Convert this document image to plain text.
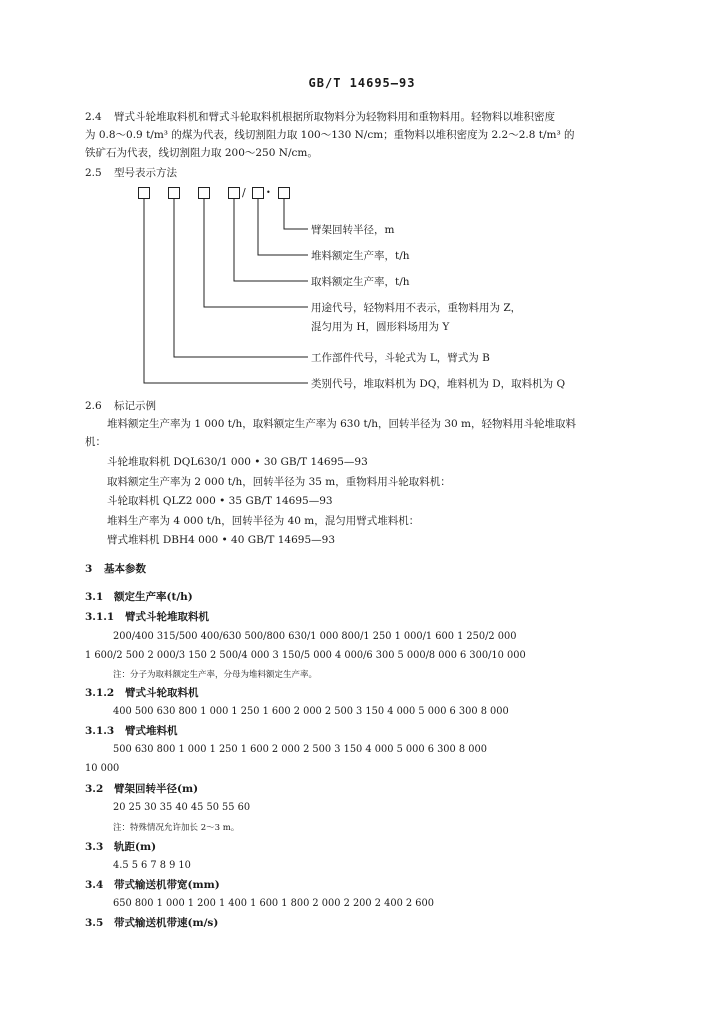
GB/T 14695—93
2.4 臂式斗轮堆取料机和臂式斗轮取料机根据所取物料分为轻物料用和重物料用。轻物料以堆积密度
为 0.8～0.9 t/m³ 的煤为代表，线切割阻力取 100～130 N/cm；重物料以堆积密度为 2.2～2.8 t/m³ 的
铁矿石为代表，线切割阻力取 200～250 N/cm。
2.5 型号表示方法
/	•
臂架回转半径，m
堆料额定生产率，t/h
取料额定生产率，t/h
用途代号，轻物料用不表示，重物料用为 Z，
混匀用为 H，圆形料场用为 Y
工作部件代号，斗轮式为 L，臂式为 B
类别代号，堆取料机为 DQ，堆料机为 D，取料机为 Q
2.6 标记示例
堆料额定生产率为 1 000 t/h，取料额定生产率为 630 t/h，回转半径为 30 m，轻物料用斗轮堆取料
机：
斗轮堆取料机 DQL630/1 000 • 30 GB/T 14695—93
取料额定生产率为 2 000 t/h，回转半径为 35 m，重物料用斗轮取料机：
斗轮取料机 QLZ2 000 • 35 GB/T 14695—93
堆料生产率为 4 000 t/h，回转半径为 40 m，混匀用臂式堆料机：
臂式堆料机 DBH4 000 • 40 GB/T 14695—93
3 基本参数
3.1 额定生产率(t/h)
3.1.1 臂式斗轮堆取料机
200/400 315/500 400/630 500/800 630/1 000 800/1 250 1 000/1 600 1 250/2 000
1 600/2 500 2 000/3 150 2 500/4 000 3 150/5 000 4 000/6 300 5 000/8 000 6 300/10 000
注：分子为取料额定生产率，分母为堆料额定生产率。
3.1.2 臂式斗轮取料机
400 500 630 800 1 000 1 250 1 600 2 000 2 500 3 150 4 000 5 000 6 300 8 000
3.1.3 臂式堆料机
500 630 800 1 000 1 250 1 600 2 000 2 500 3 150 4 000 5 000 6 300 8 000
10 000
3.2 臂架回转半径(m)
20 25 30 35 40 45 50 55 60
注：特殊情况允许加长 2～3 m。
3.3 轨距(m)
4.5 5 6 7 8 9 10
3.4 带式输送机带宽(mm)
650 800 1 000 1 200 1 400 1 600 1 800 2 000 2 200 2 400 2 600
3.5 带式输送机带速(m/s)
